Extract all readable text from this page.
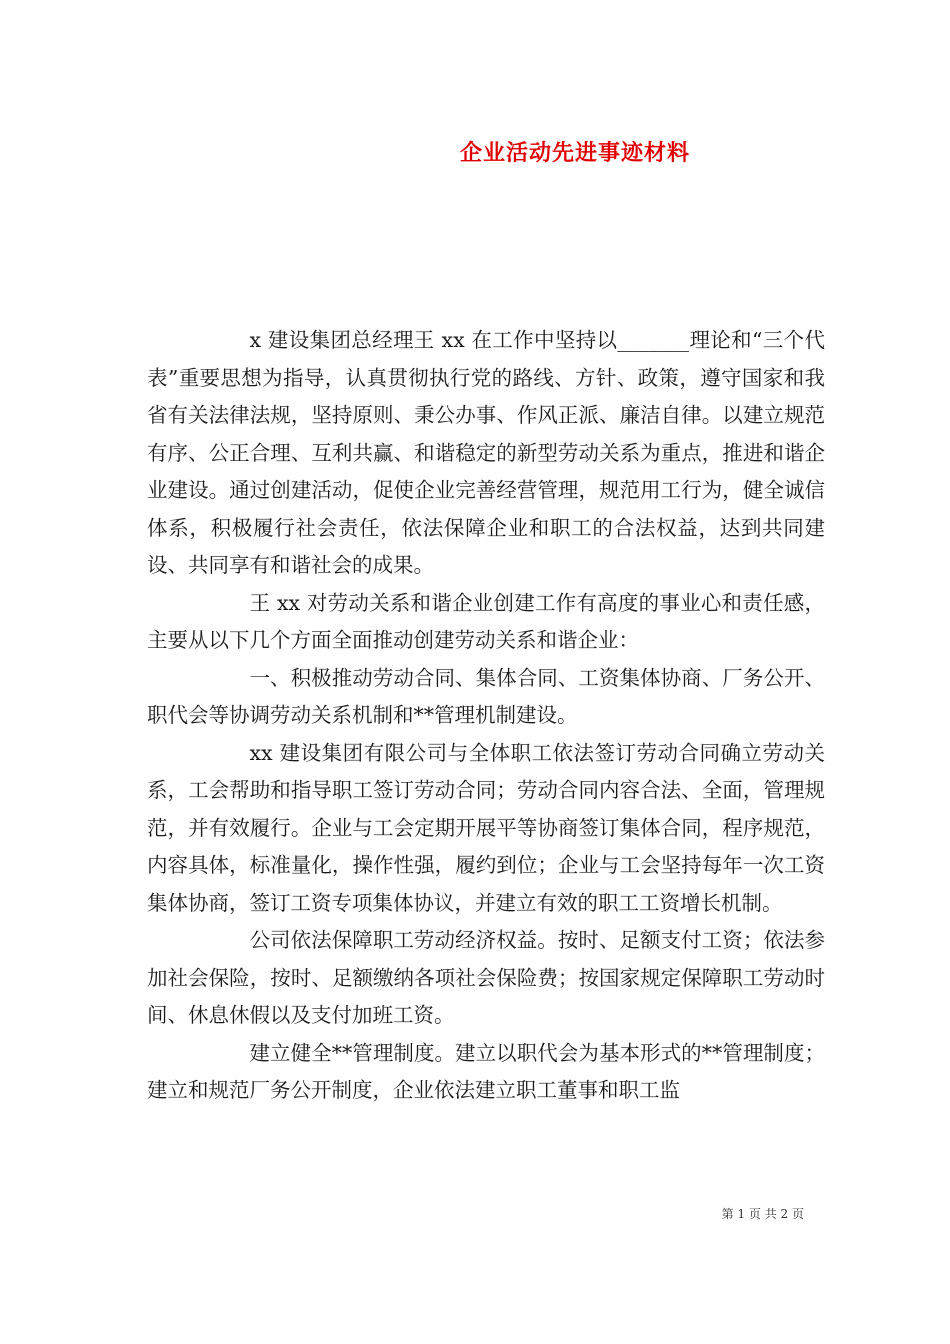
企业活动先进事迹材料

x 建设集团总经理王 xx 在工作中坚持以_______理论和“三个代表”重要思想为指导，认真贯彻执行党的路线、方针、政策，遵守国家和我省有关法律法规，坚持原则、秉公办事、作风正派、廉洁自律。以建立规范有序、公正合理、互利共赢、和谐稳定的新型劳动关系为重点，推进和谐企业建设。通过创建活动，促使企业完善经营管理，规范用工行为，健全诚信体系，积极履行社会责任，依法保障企业和职工的合法权益，达到共同建设、共同享有和谐社会的成果。

王 xx 对劳动关系和谐企业创建工作有高度的事业心和责任感，主要从以下几个方面全面推动创建劳动关系和谐企业：

一、积极推动劳动合同、集体合同、工资集体协商、厂务公开、职代会等协调劳动关系机制和**管理机制建设。

xx 建设集团有限公司与全体职工依法签订劳动合同确立劳动关系，工会帮助和指导职工签订劳动合同；劳动合同内容合法、全面，管理规范，并有效履行。企业与工会定期开展平等协商签订集体合同，程序规范，内容具体，标准量化，操作性强，履约到位；企业与工会坚持每年一次工资集体协商，签订工资专项集体协议，并建立有效的职工工资增长机制。

公司依法保障职工劳动经济权益。按时、足额支付工资；依法参加社会保险，按时、足额缴纳各项社会保险费；按国家规定保障职工劳动时间、休息休假以及支付加班工资。

建立健全**管理制度。建立以职代会为基本形式的**管理制度；建立和规范厂务公开制度，企业依法建立职工董事和职工监

第 1 页 共 2 页
